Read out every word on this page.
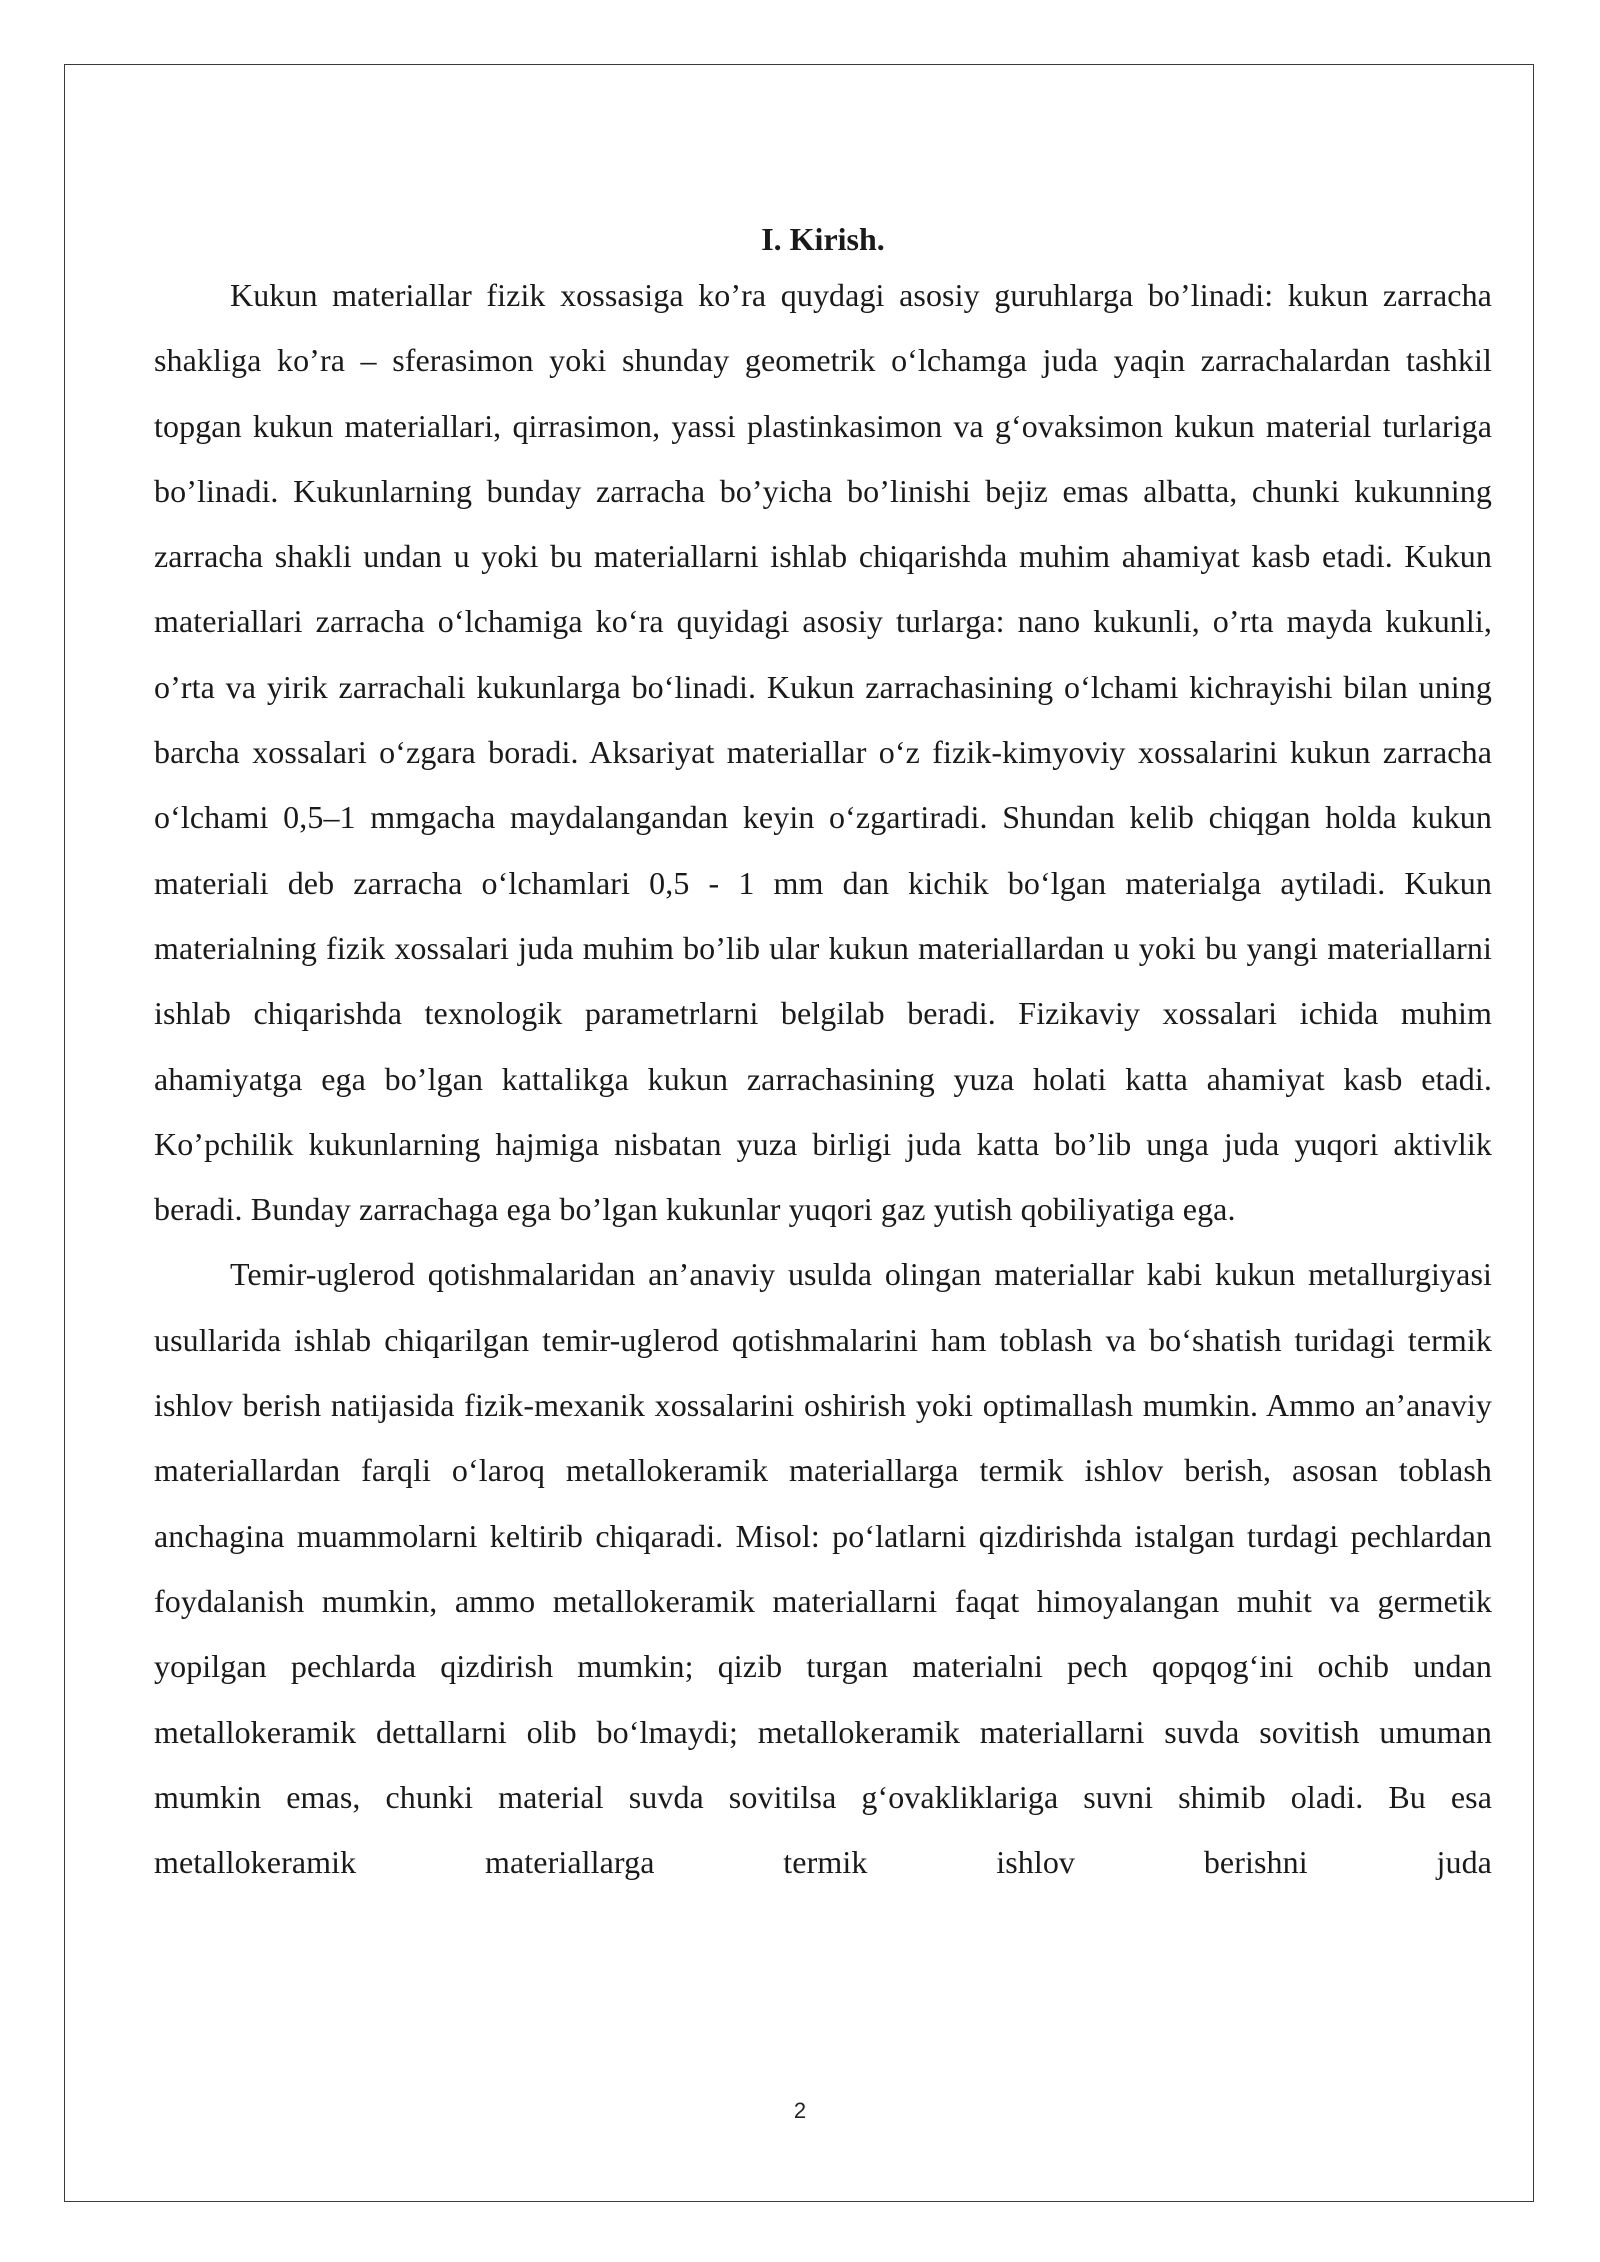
I. Kirish.

Kukun materiallar fizik xossasiga ko’ra quydagi asosiy guruhlarga bo’linadi: kukun zarracha shakliga ko’ra – sferasimon yoki shunday geometrik oʻlchamga juda yaqin zarrachalardan tashkil topgan kukun materiallari, qirrasimon, yassi plastinkasimon va gʻovaksimon kukun material turlariga bo’linadi. Kukunlarning bunday zarracha bo’yicha bo’linishi bejiz emas albatta, chunki kukunning zarracha shakli undan u yoki bu materiallarni ishlab chiqarishda muhim ahamiyat kasb etadi. Kukun materiallari zarracha oʻlchamiga koʻra quyidagi asosiy turlarga: nano kukunli, o’rta mayda kukunli, o’rta va yirik zarrachali kukunlarga boʻlinadi. Kukun zarrachasining oʻlchami kichrayishi bilan uning barcha xossalari oʻzgara boradi. Aksariyat materiallar oʻz fizik-kimyoviy xossalarini kukun zarracha oʻlchami 0,5–1 mmgacha maydalangandan keyin oʻzgartiradi. Shundan kelib chiqgan holda kukun materiali deb zarracha oʻlchamlari 0,5 - 1 mm dan kichik boʻlgan materialga aytiladi. Kukun materialning fizik xossalari juda muhim bo’lib ular kukun materiallardan u yoki bu yangi materiallarni ishlab chiqarishda texnologik parametrlarni belgilab beradi. Fizikaviy xossalari ichida muhim ahamiyatga ega bo’lgan kattalikga kukun zarrachasining yuza holati katta ahamiyat kasb etadi. Ko’pchilik kukunlarning hajmiga nisbatan yuza birligi juda katta bo’lib unga juda yuqori aktivlik beradi. Bunday zarrachaga ega bo’lgan kukunlar yuqori gaz yutish qobiliyatiga ega.

Temir-uglerod qotishmalaridan an’anaviy usulda olingan materiallar kabi kukun metallurgiyasi usullarida ishlab chiqarilgan temir-uglerod qotishmalarini ham toblash va boʻshatish turidagi termik ishlov berish natijasida fizik-mexanik xossalarini oshirish yoki optimallash mumkin. Ammo an’anaviy materiallardan farqli oʻlaroq metallokeramik materiallarga termik ishlov berish, asosan toblash anchagina muammolarni keltirib chiqaradi. Misol: poʻlatlarni qizdirishda istalgan turdagi pechlardan foydalanish mumkin, ammo metallokeramik materiallarni faqat himoyalangan muhit va germetik yopilgan pechlarda qizdirish mumkin; qizib turgan materialni pech qopqogʻini ochib undan metallokeramik dettallarni olib boʻlmaydi; metallokeramik materiallarni suvda sovitish umuman mumkin emas, chunki material suvda sovitilsa gʻovakliklariga suvni shimib oladi. Bu esa metallokeramik materiallarga termik ishlov berishni juda

2
